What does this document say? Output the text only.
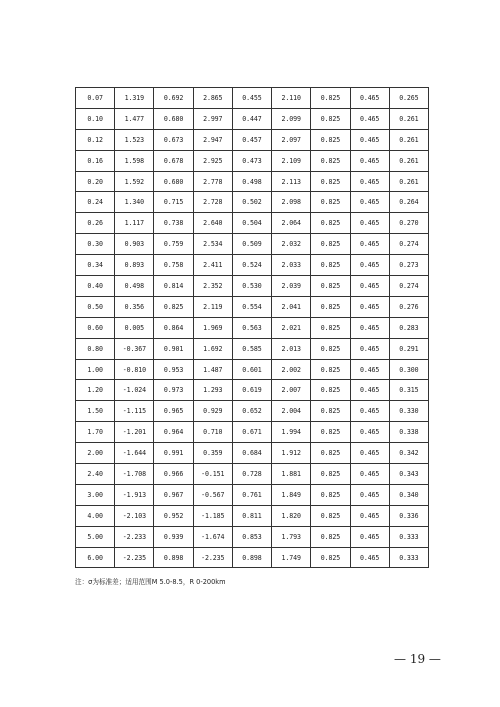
0.07	1.319	0.692	2.865	0.455	2.110	0.825	0.465	0.265
0.10	1.477	0.680	2.997	0.447	2.099	0.825	0.465	0.261
0.12	1.523	0.673	2.947	0.457	2.097	0.825	0.465	0.261
0.16	1.598	0.678	2.925	0.473	2.109	0.825	0.465	0.261
0.20	1.592	0.680	2.778	0.498	2.113	0.825	0.465	0.261
0.24	1.340	0.715	2.728	0.502	2.098	0.825	0.465	0.264
0.26	1.117	0.738	2.640	0.504	2.064	0.825	0.465	0.270
0.30	0.903	0.759	2.534	0.509	2.032	0.825	0.465	0.274
0.34	0.893	0.758	2.411	0.524	2.033	0.825	0.465	0.273
0.40	0.498	0.814	2.352	0.530	2.039	0.825	0.465	0.274
0.50	0.356	0.825	2.119	0.554	2.041	0.825	0.465	0.276
0.60	0.005	0.864	1.969	0.563	2.021	0.825	0.465	0.283
0.80	-0.367	0.901	1.692	0.585	2.013	0.825	0.465	0.291
1.00	-0.810	0.953	1.487	0.601	2.002	0.825	0.465	0.300
1.20	-1.024	0.973	1.293	0.619	2.007	0.825	0.465	0.315
1.50	-1.115	0.965	0.929	0.652	2.004	0.825	0.465	0.330
1.70	-1.201	0.964	0.710	0.671	1.994	0.825	0.465	0.338
2.00	-1.644	0.991	0.359	0.684	1.912	0.825	0.465	0.342
2.40	-1.708	0.966	-0.151	0.728	1.881	0.825	0.465	0.343
3.00	-1.913	0.967	-0.567	0.761	1.849	0.825	0.465	0.340
4.00	-2.103	0.952	-1.185	0.811	1.820	0.825	0.465	0.336
5.00	-2.233	0.939	-1.674	0.853	1.793	0.825	0.465	0.333
6.00	-2.235	0.898	-2.235	0.898	1.749	0.825	0.465	0.333
注：σ为标准差；适用范围M 5.0-8.5，R 0-200km
— 19 —
